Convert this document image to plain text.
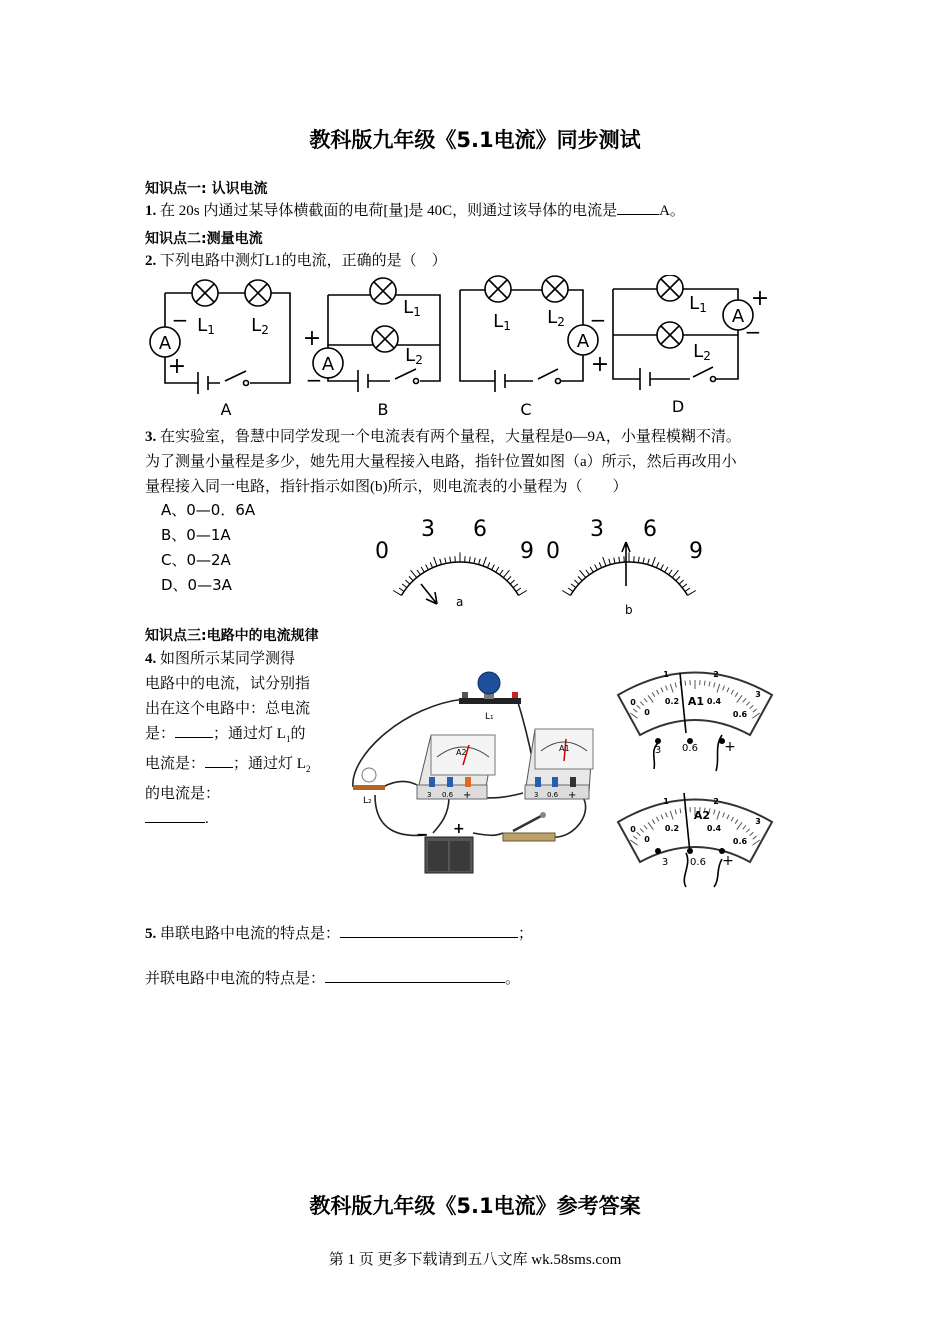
教科版九年级《5.1电流》同步测试
知识点一: 认识电流
1. 在 20s 内通过某导体横截面的电荷[量]是 40C，则通过该导体的电流是	A。
知识点二:测量电流
2. 下列电路中测灯L1的电流，正确的是（　）
A
A
A
A
−
+
+
−
−
+
+
−
L1 L2
L1
L2
L1 L2
L1
L2
A	B	C	D
3. 在实验室，鲁慧中同学发现一个电流表有两个量程，大量程是0—9A，小量程模糊不清。
为了测量小量程是多少，她先用大量程接入电路，指针位置如图（a）所示，然后再改用小
量程接入同一电路，指针指示如图(b)所示，则电流表的小量程为（　　）
A、0—0．6A
B、0—1A
C、0—2A
D、0—3A
0
3 6
9 0
3 6
9
a
b
知识点三:电路中的电流规律
4. 如图所示某同学测得
电路中的电流，试分别指
出在这个电路中：总电流
是：	；通过灯 $L_1$的
电流是： ；通过灯 $L_2$
的电流是：
.
L₁
L₂
A2
3 0.6 +
A1
3 0.6 +
− +
0
1	2
3
0
0.2	0.4
0.6
A1
0
1	2
3
0
0.2	0.4
0.6
A2
3 0.6 +
3 0.6 +
5. 串联电路中电流的特点是：	；
并联电路中电流的特点是：	。
教科版九年级《5.1电流》参考答案
第 1 页 更多下载请到五八文库 wk.58sms.com
